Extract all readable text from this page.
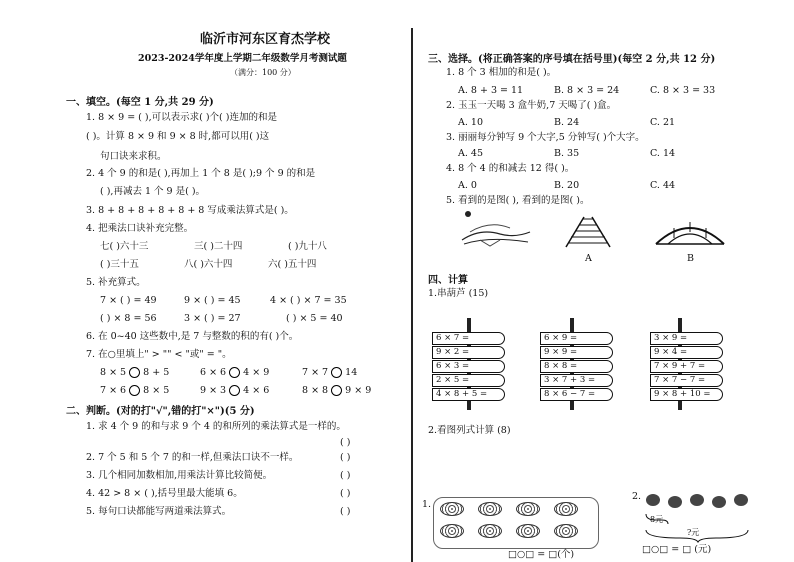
临沂市河东区育杰学校
2023-2024学年度上学期二年级数学月考测试题
（满分：100 分）
一、填空。(每空 1 分,共 29 分)
1. 8 × 9 = ( ),可以表示求( )个( )连加的和是
( )。计算 8 × 9 和 9 × 8 时,都可以用( )这
句口诀来求积。
2. 4 个 9 的和是( ),再加上 1 个 8 是( );9 个 9 的和是
( ),再减去 1 个 9 是( )。
3. 8 + 8 + 8 + 8 + 8 + 8 写成乘法算式是( )。
4. 把乘法口诀补充完整。
七( )六十三	三( )二十四	( )九十八
( )三十五	八( )六十四	六( )五十四
5. 补充算式。
7 × ( ) = 49	9 × ( ) = 45	4 × ( ) × 7 = 35
( ) × 8 = 56	3 × ( ) = 27	( ) × 5 = 40
6. 在 0~40 这些数中,是 7 与整数的积的有( )个。
7. 在○里填上" > "" < "或" = "。
8 × 5 8 + 5	6 × 6 4 × 9	7 × 7 14
7 × 6 8 × 5	9 × 3 4 × 6	8 × 8 9 × 9
二、判断。(对的打"√",错的打"×")(5 分)
1. 求 4 个 9 的和与求 9 个 4 的和所列的乘法算式是一样的。
( )
2. 7 个 5 和 5 个 7 的和一样,但乘法口诀不一样。	( )
3. 几个相同加数相加,用乘法计算比较简便。	( )
4. 42 > 8 × ( ),括号里最大能填 6。	( )
5. 每句口诀都能写两道乘法算式。	( )
三、选择。(将正确答案的序号填在括号里)(每空 2 分,共 12 分)
1. 8 个 3 相加的和是( )。
A. 8 + 3 = 11	B. 8 × 3 = 24	C. 8 × 3 = 33
2. 玉玉一天喝 3 盒牛奶,7 天喝了( )盒。
A. 10	B. 24	C. 21
3. 丽丽每分钟写 9 个大字,5 分钟写( )个大字。
A. 45	B. 35	C. 14
4. 8 个 4 的和减去 12 得( )。
A. 0	B. 20	C. 44
5. 看到的是图( ), 看到的是图( )。
A	B
四、计算
1.串葫芦 (15)
6 × 7 =
9 × 2 =
6 × 3 =
2 × 5 =
4 × 8 + 5 =
6 × 9 =
9 × 9 =
8 × 8 =
3 × 7 + 3 =
8 × 6 − 7 =
3 × 9 =
9 × 4 =
7 × 9 + 7 =
7 × 7 − 7 =
9 × 8 + 10 =
2.看图列式计算 (8)
1.
□○□ = □(个)
2.
8元
?元
□○□ = □ (元)
